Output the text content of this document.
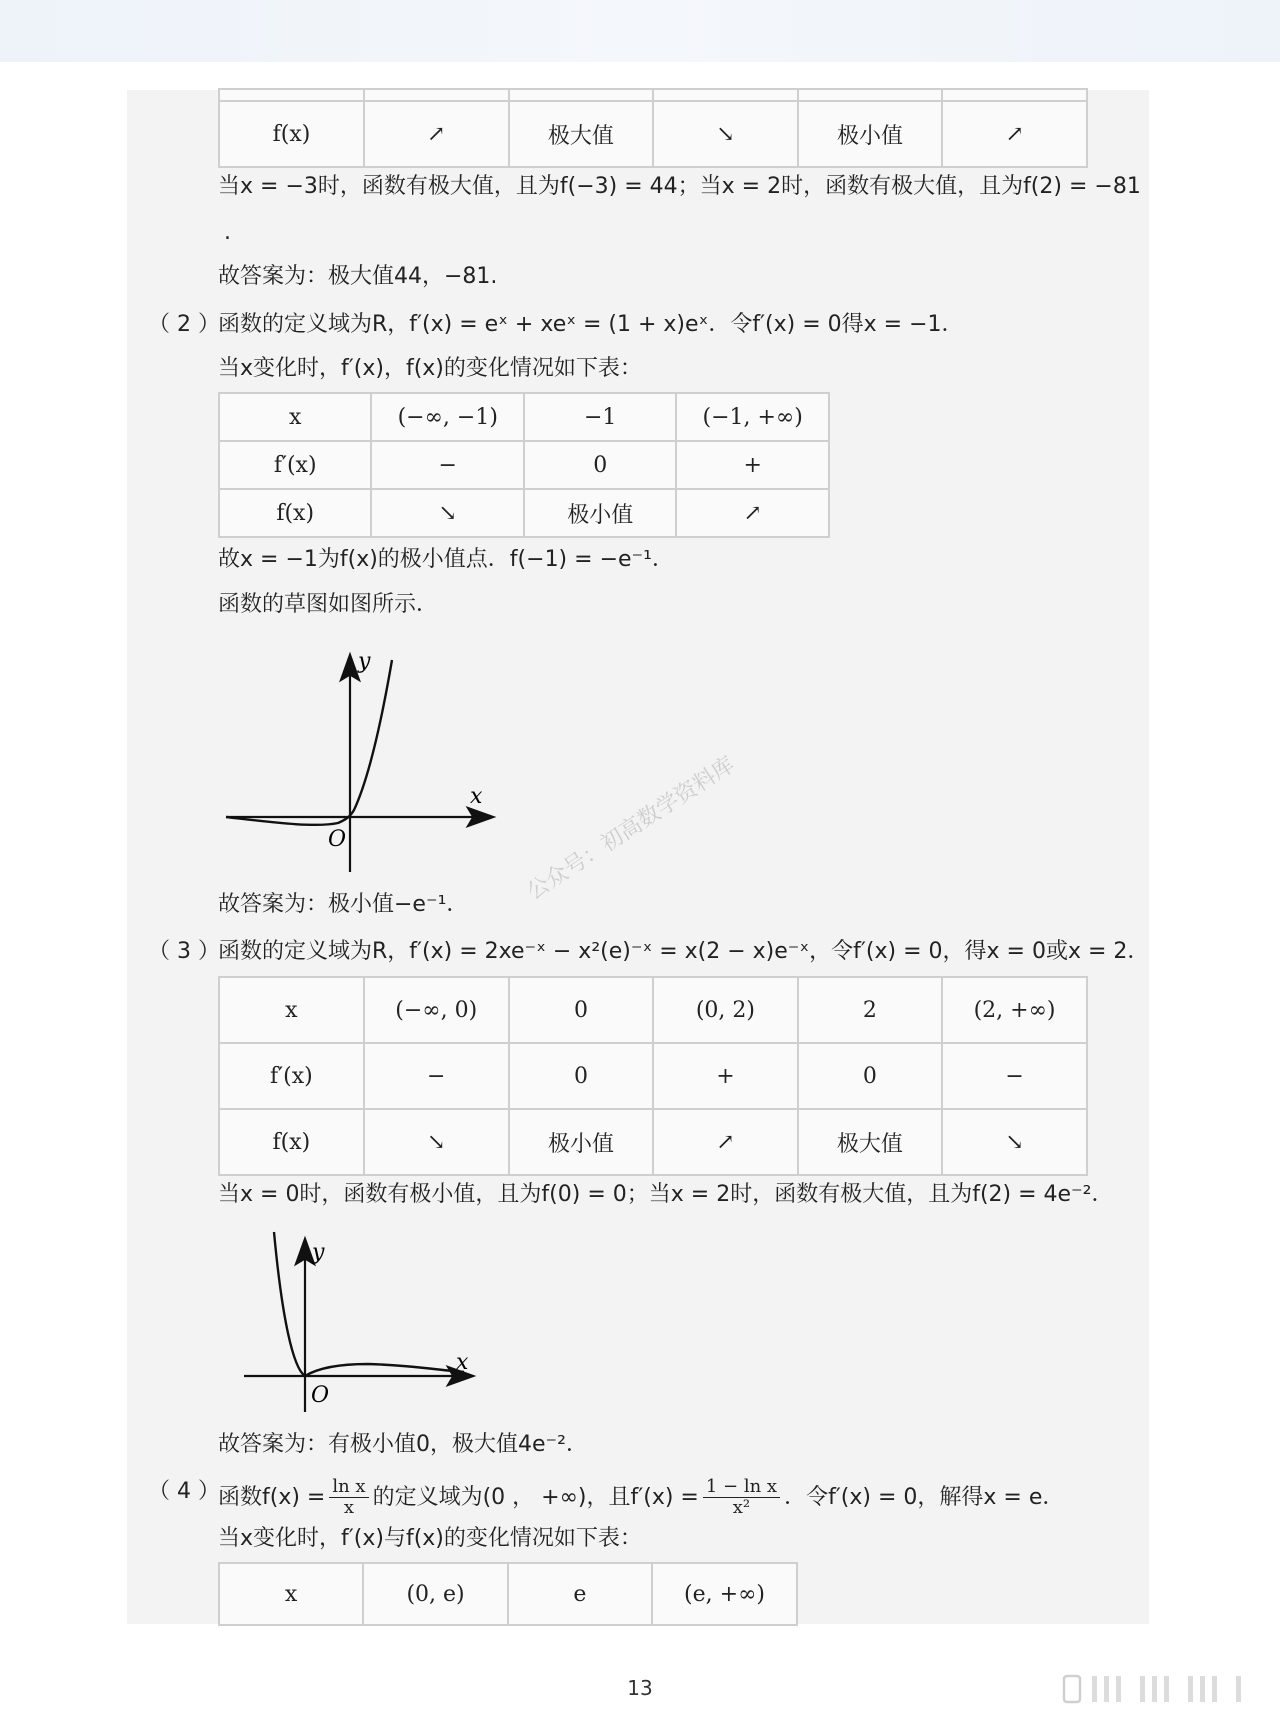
f(x)	↗	极大值	↘	极小值	↗
当x = −3时，函数有极大值，且为f(−3) = 44；当x = 2时，函数有极大值，且为f(2) = −81
.
故答案为：极大值44，−81.
（ 2 ）
函数的定义域为R，f′(x) = eˣ + xeˣ = (1 + x)eˣ．令f′(x) = 0得x = −1．
当x变化时，f′(x)，f(x)的变化情况如下表：
x	(−∞, −1)	−1	(−1, +∞)
f′(x)	−	0	+
f(x)	↘	极小值	↗
故x = −1为f(x)的极小值点．f(−1) = −e⁻¹．
函数的草图如图所示．
y
x
O	公众号：初高数学资料库
故答案为：极小值−e⁻¹．
（ 3 ）
函数的定义域为R，f′(x) = 2xe⁻ˣ − x²(e)⁻ˣ = x(2 − x)e⁻ˣ，令f′(x) = 0，得x = 0或x = 2．
x	(−∞, 0)	0	(0, 2)	2	(2, +∞)
f′(x)	−	0	+	0	−
f(x)	↘	极小值	↗	极大值	↘
当x = 0时，函数有极小值，且为f(0) = 0；当x = 2时，函数有极大值，且为f(2) = 4e⁻²．
y
x
O
故答案为：有极小值0，极大值4e⁻²．
（ 4 ）
函数$f(x) = \frac{\text{ln x}}{x}$ 的定义域为(0 ， +∞)，且$f'(x) = \frac{\text{1 − ln x}}{\text{x²}}$ ．令f′(x) = 0，解得x = e．
当x变化时，f′(x)与f(x)的变化情况如下表：
x	(0, e)	e	(e, +∞)
13
